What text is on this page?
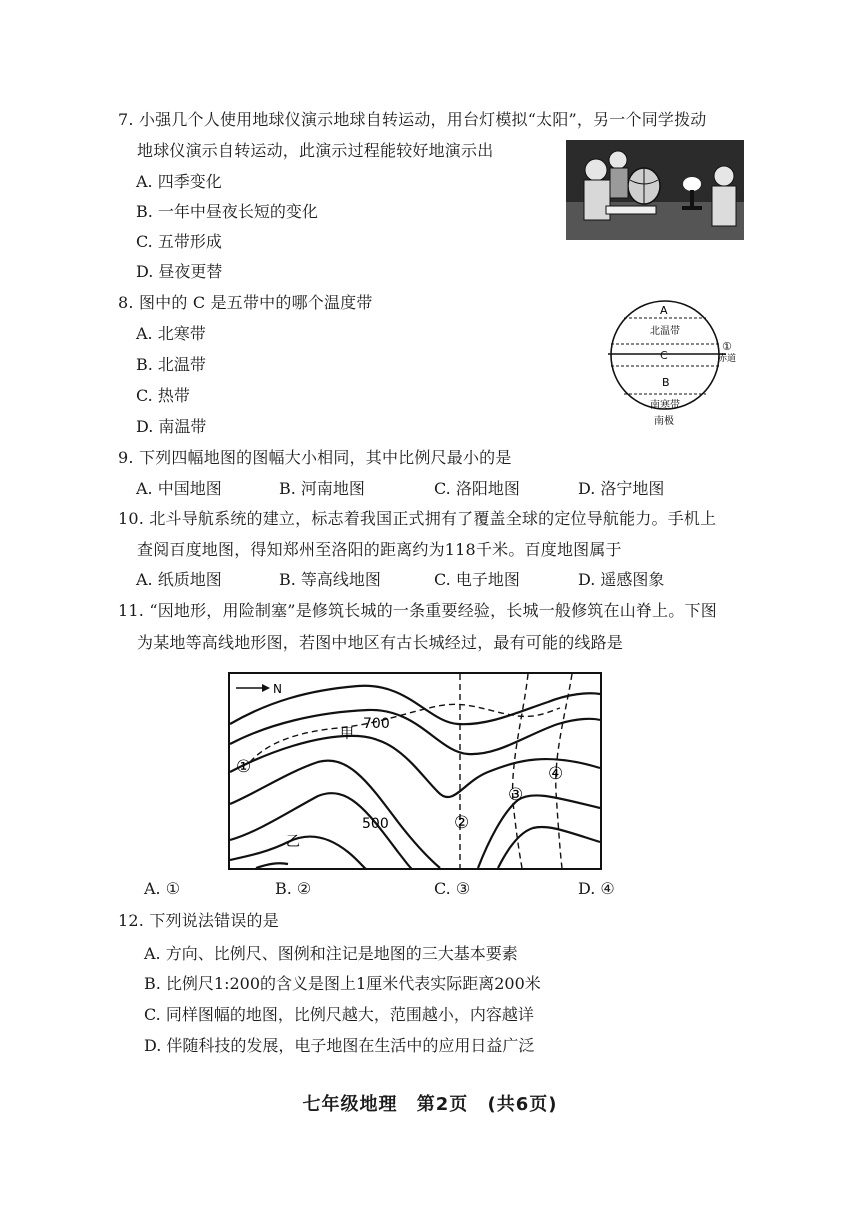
7. 小强几个人使用地球仪演示地球自转运动，用台灯模拟“太阳”，另一个同学拨动
地球仪演示自转运动，此演示过程能较好地演示出
A. 四季变化
B. 一年中昼夜长短的变化
C. 五带形成
D. 昼夜更替
8. 图中的 C 是五带中的哪个温度带
A. 北寒带
B. 北温带
C. 热带
D. 南温带
A
北温带
C
①
赤道
B
南寒带
南极
9. 下列四幅地图的图幅大小相同，其中比例尺最小的是
A. 中国地图	B. 河南地图	C. 洛阳地图	D. 洛宁地图
10. 北斗导航系统的建立，标志着我国正式拥有了覆盖全球的定位导航能力。手机上
查阅百度地图，得知郑州至洛阳的距离约为118千米。百度地图属于
A. 纸质地图	B. 等高线地图	C. 电子地图	D. 遥感图象
11. “因地形，用险制塞”是修筑长城的一条重要经验，长城一般修筑在山脊上。下图
为某地等高线地形图，若图中地区有古长城经过，最有可能的线路是
N
甲
700
500
乙
①
②
③
④
A. ①	B. ②	C. ③	D. ④
12. 下列说法错误的是
A. 方向、比例尺、图例和注记是地图的三大基本要素
B. 比例尺1:200的含义是图上1厘米代表实际距离200米
C. 同样图幅的地图，比例尺越大，范围越小，内容越详
D. 伴随科技的发展，电子地图在生活中的应用日益广泛
七年级地理 第2页 (共6页)
